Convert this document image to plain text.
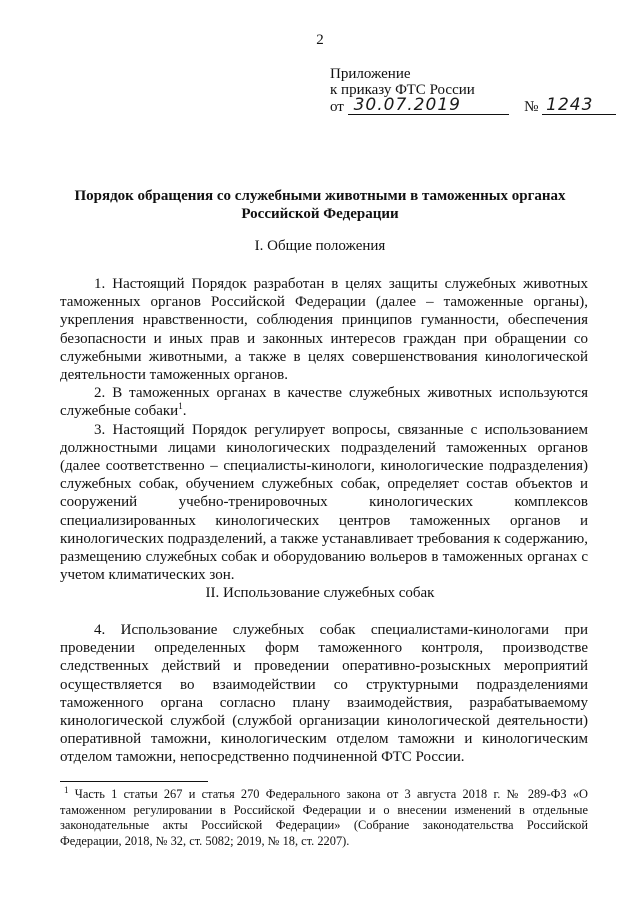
2
Приложение
к приказу ФТС России
от 30.07.2019	№ 1243
Порядок обращения со служебными животными в таможенных органах
Российской Федерации
I. Общие положения

1. Настоящий Порядок разработан в целях защиты служебных животных таможенных органов Российской Федерации (далее – таможенные органы), укрепления нравственности, соблюдения принципов гуманности, обеспечения безопасности и иных прав и законных интересов граждан при обращении со служебными животными, а также в целях совершенствования кинологической деятельности таможенных органов.

2. В таможенных органах в качестве служебных животных используются служебные собаки$^1$.

3. Настоящий Порядок регулирует вопросы, связанные с использованием должностными лицами кинологических подразделений таможенных органов (далее соответственно – специалисты-кинологи, кинологические подразделения) служебных собак, обучением служебных собак, определяет состав объектов и сооружений учебно-тренировочных кинологических комплексов специализированных кинологических центров таможенных органов и кинологических подразделений, а также устанавливает требования к содержанию, размещению служебных собак и оборудованию вольеров в таможенных органах с учетом климатических зон.

II. Использование служебных собак

4. Использование служебных собак специалистами-кинологами при проведении определенных форм таможенного контроля, производстве следственных действий и проведении оперативно-розыскных мероприятий осуществляется во взаимодействии со структурными подразделениями таможенного органа согласно плану взаимодействия, разрабатываемому кинологической службой (службой организации кинологической деятельности) оперативной таможни, кинологическим отделом таможни и кинологическим отделом таможни, непосредственно подчиненной ФТС России.

$^1$ Часть 1 статьи 267 и статья 270 Федерального закона от 3 августа 2018 г. № 289-ФЗ «О таможенном регулировании в Российской Федерации и о внесении изменений в отдельные законодательные акты Российской Федерации» (Собрание законодательства Российской Федерации, 2018, № 32, ст. 5082; 2019, № 18, ст. 2207).
